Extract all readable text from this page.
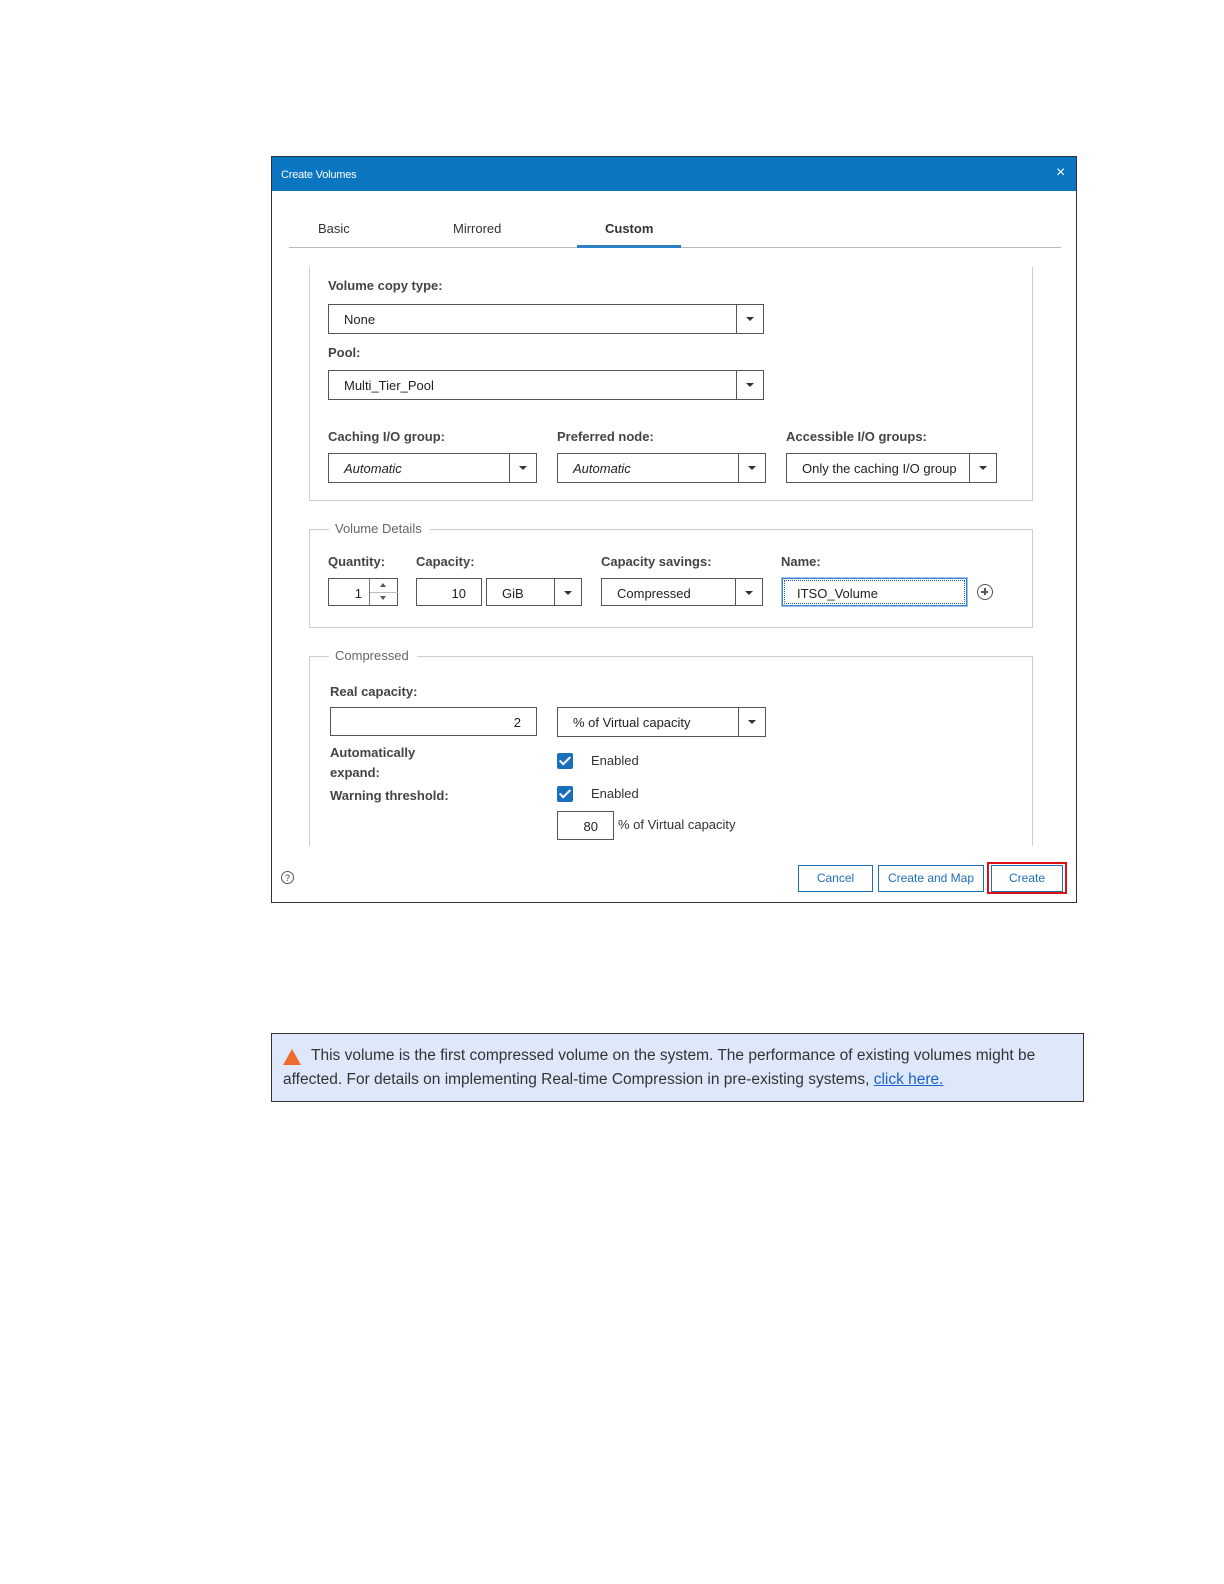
Create Volumes	×
Basic	Mirrored	Custom
Volume copy type:
None
Pool:
Multi_Tier_Pool
Caching I/O group:
Automatic
Preferred node:
Automatic
Accessible I/O groups:
Only the caching I/O group
Volume Details
Quantity:
1
Capacity:
10	GiB
Capacity savings:
Compressed
Name:
ITSO_Volume
Compressed
Real capacity:
2	% of Virtual capacity
Automatically
expand:
Enabled
Warning threshold:	Enabled
80 % of Virtual capacity
?	Cancel	Create and Map	Create
This volume is the first compressed volume on the system. The performance of existing volumes might be affected. For details on implementing Real-time Compression in pre-existing systems, click here.
